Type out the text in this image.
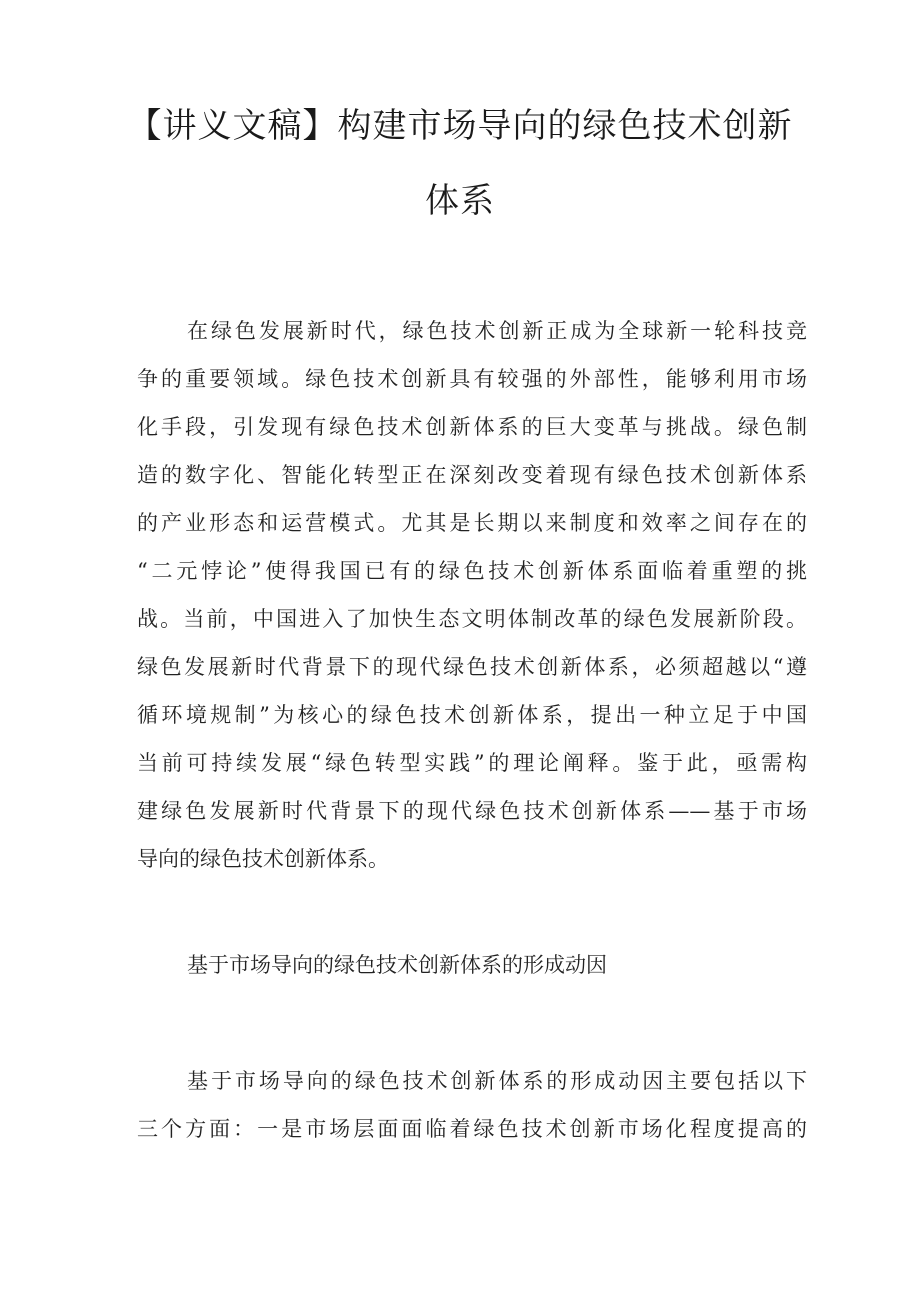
【讲义文稿】构建市场导向的绿色技术创新
体系
在绿色发展新时代，绿色技术创新正成为全球新一轮科技竞
争的重要领域。绿色技术创新具有较强的外部性，能够利用市场
化手段，引发现有绿色技术创新体系的巨大变革与挑战。绿色制
造的数字化、智能化转型正在深刻改变着现有绿色技术创新体系
的产业形态和运营模式。尤其是长期以来制度和效率之间存在的
“二元悖论”使得我国已有的绿色技术创新体系面临着重塑的挑
战。当前，中国进入了加快生态文明体制改革的绿色发展新阶段。
绿色发展新时代背景下的现代绿色技术创新体系，必须超越以“遵
循环境规制”为核心的绿色技术创新体系，提出一种立足于中国
当前可持续发展“绿色转型实践”的理论阐释。鉴于此，亟需构
建绿色发展新时代背景下的现代绿色技术创新体系——基于市场
导向的绿色技术创新体系。
基于市场导向的绿色技术创新体系的形成动因
基于市场导向的绿色技术创新体系的形成动因主要包括以下
三个方面：一是市场层面面临着绿色技术创新市场化程度提高的
